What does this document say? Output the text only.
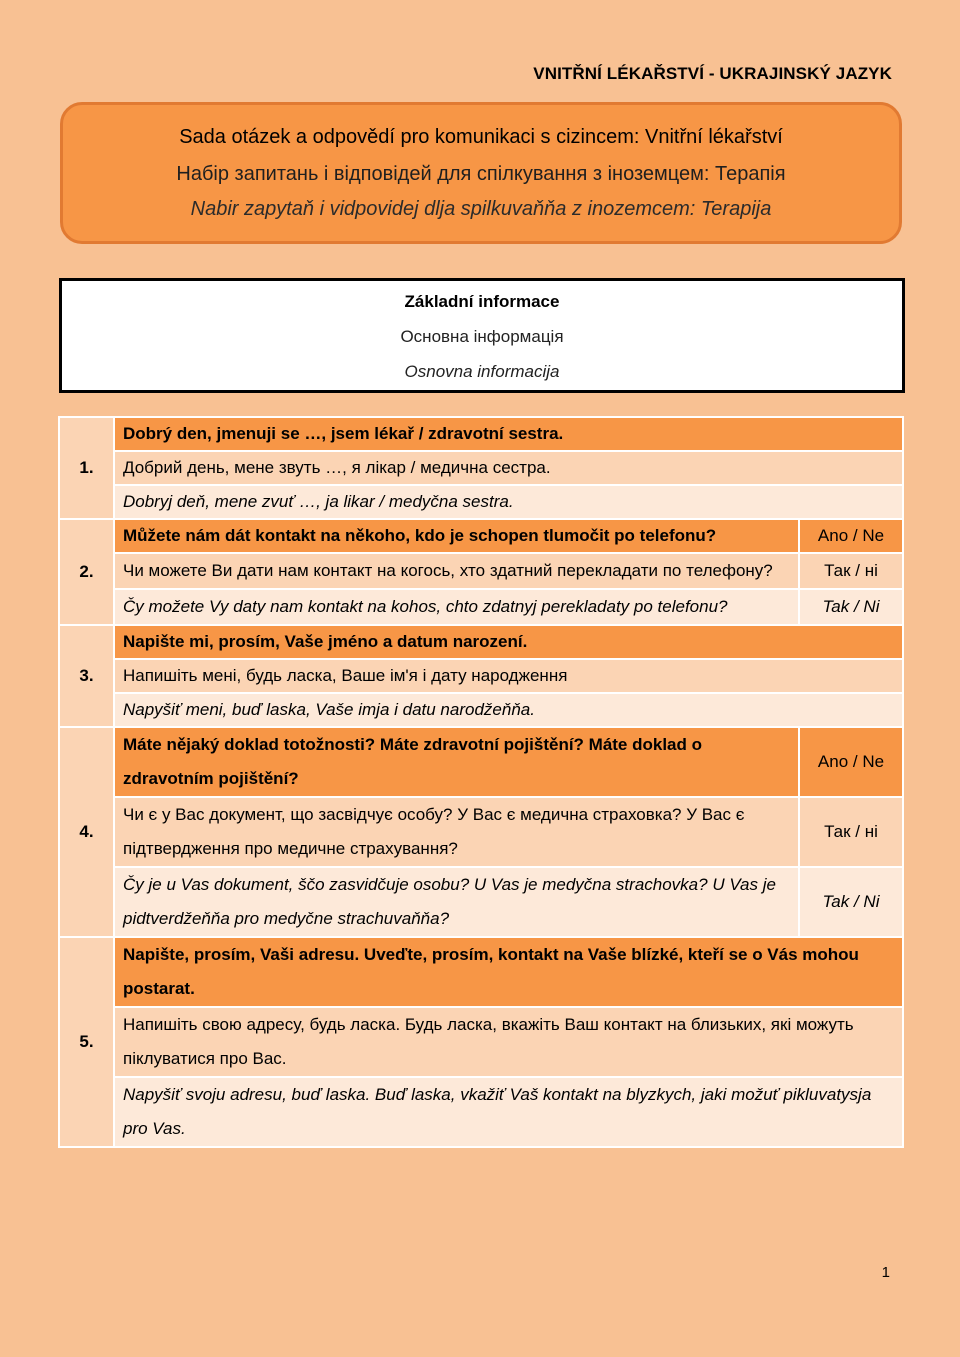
VNITŘNÍ LÉKAŘSTVÍ - UKRAJINSKÝ JAZYK
Sada otázek a odpovědí pro komunikaci s cizincem: Vnitřní lékařství
Набір запитань і відповідей для спілкування з іноземцем: Терапія
Nabir zapytaň i vidpovidej dlja spilkuvaňňa z inozemcem: Terapija
Základní informace
Основна інформація
Osnovna informacija
1.	Dobrý den, jmenuji se …, jsem lékař / zdravotní sestra.	
	Добрий день, мене звуть …, я лікар / медична сестра.	
	Dobryj deň, mene zvuť …, ja likar / medyčna sestra.	
2.	Můžete nám dát kontakt na někoho, kdo je schopen tlumočit po telefonu?	Ano / Ne
	Чи можете Ви дати нам контакт на когось, хто здатний перекладати по телефону?	Так / ні
	Čy možete Vy daty nam kontakt na kohos, chto zdatnyj perekladaty po telefonu?	Tak / Ni
3.	Napište mi, prosím, Vaše jméno a datum narození.	
	Напишіть мені, будь ласка, Ваше ім'я і дату народження	
	Napyšiť meni, buď laska, Vaše imja i datu narodžeňňa.	
4.	Máte nějaký doklad totožnosti? Máte zdravotní pojištění? Máte doklad o zdravotním pojištění?	Ano / Ne
	Чи є у Вас документ, що засвідчує особу? У Вас є медична страховка? У Вас є підтвердження про медичне страхування?	Так / ні
	Čy je u Vas dokument, ščo zasvidčuje osobu? U Vas je medyčna strachovka? U Vas je pidtverdžeňňa pro medyčne strachuvaňňa?	Tak / Ni
5.	Napište, prosím, Vaši adresu. Uveďte, prosím, kontakt na Vaše blízké, kteří se o Vás mohou postarat.	
	Напишіть свою адресу, будь ласка. Будь ласка, вкажіть Ваш контакт на близьких, які можуть піклуватися про Вас.	
	Napyšiť svoju adresu, buď laska. Buď laska, vkažiť Vaš kontakt na blyzkych, jaki možuť pikluvatysja pro Vas.	
1
